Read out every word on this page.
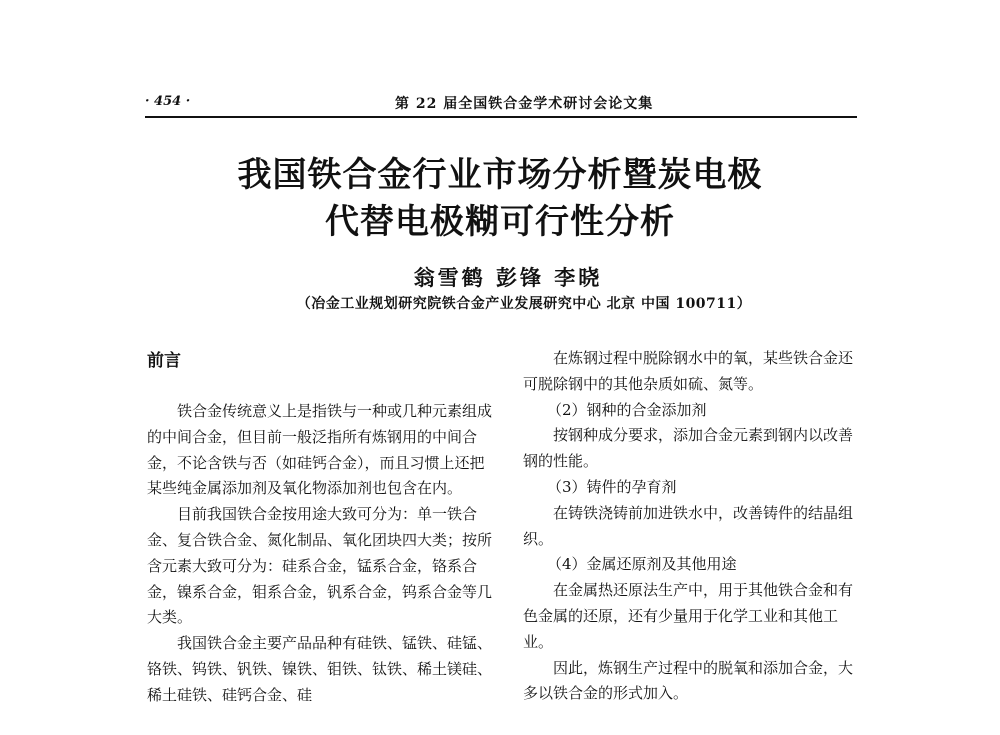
· 454 ·	第 22 届全国铁合金学术研讨会论文集
我国铁合金行业市场分析暨炭电极
代替电极糊可行性分析
翁雪鹤 彭锋 李晓
（冶金工业规划研究院铁合金产业发展研究中心 北京 中国 100711）
前言

铁合金传统意义上是指铁与一种或几种元素组成的中间合金，但目前一般泛指所有炼钢用的中间合金，不论含铁与否（如硅钙合金），而且习惯上还把某些纯金属添加剂及氧化物添加剂也包含在内。

目前我国铁合金按用途大致可分为：单一铁合金、复合铁合金、氮化制品、氧化团块四大类；按所含元素大致可分为：硅系合金，锰系合金，铬系合金，镍系合金，钼系合金，钒系合金，钨系合金等几大类。

我国铁合金主要产品品种有硅铁、锰铁、硅锰、铬铁、钨铁、钒铁、镍铁、钼铁、钛铁、稀土镁硅、稀土硅铁、硅钙合金、硅

在炼钢过程中脱除钢水中的氧，某些铁合金还可脱除钢中的其他杂质如硫、氮等。

（2）钢种的合金添加剂

按钢种成分要求，添加合金元素到钢内以改善钢的性能。

（3）铸件的孕育剂

在铸铁浇铸前加进铁水中，改善铸件的结晶组织。

（4）金属还原剂及其他用途

在金属热还原法生产中，用于其他铁合金和有色金属的还原，还有少量用于化学工业和其他工业。

因此，炼钢生产过程中的脱氧和添加合金，大多以铁合金的形式加入。
